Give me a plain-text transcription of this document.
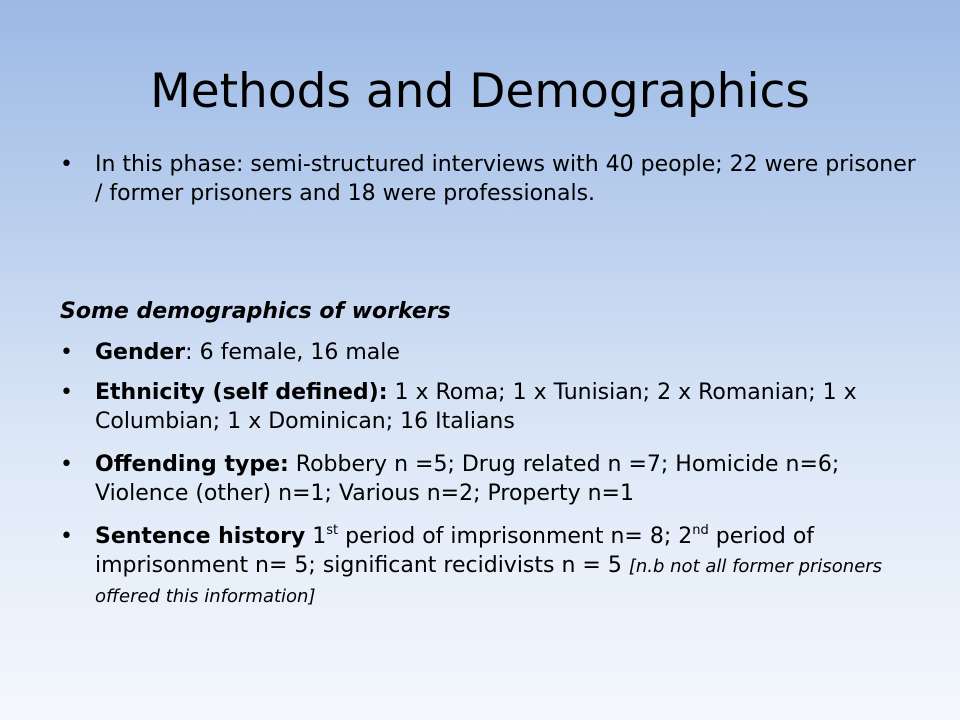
Methods and Demographics
•	In this phase: semi-structured interviews with 40 people; 22 were prisoner / former prisoners and 18 were professionals.
Some demographics of workers
•	Gender: 6 female, 16 male
•	Ethnicity (self defined): 1 x Roma; 1 x Tunisian; 2 x Romanian; 1 x Columbian; 1 x Dominican; 16 Italians
•	Offending type: Robbery n =5; Drug related n =7; Homicide n=6; Violence (other) n=1; Various n=2; Property n=1
•	Sentence history 1st period of imprisonment n= 8; 2nd period of imprisonment n= 5; significant recidivists n = 5 [n.b not all former prisoners offered this information]
